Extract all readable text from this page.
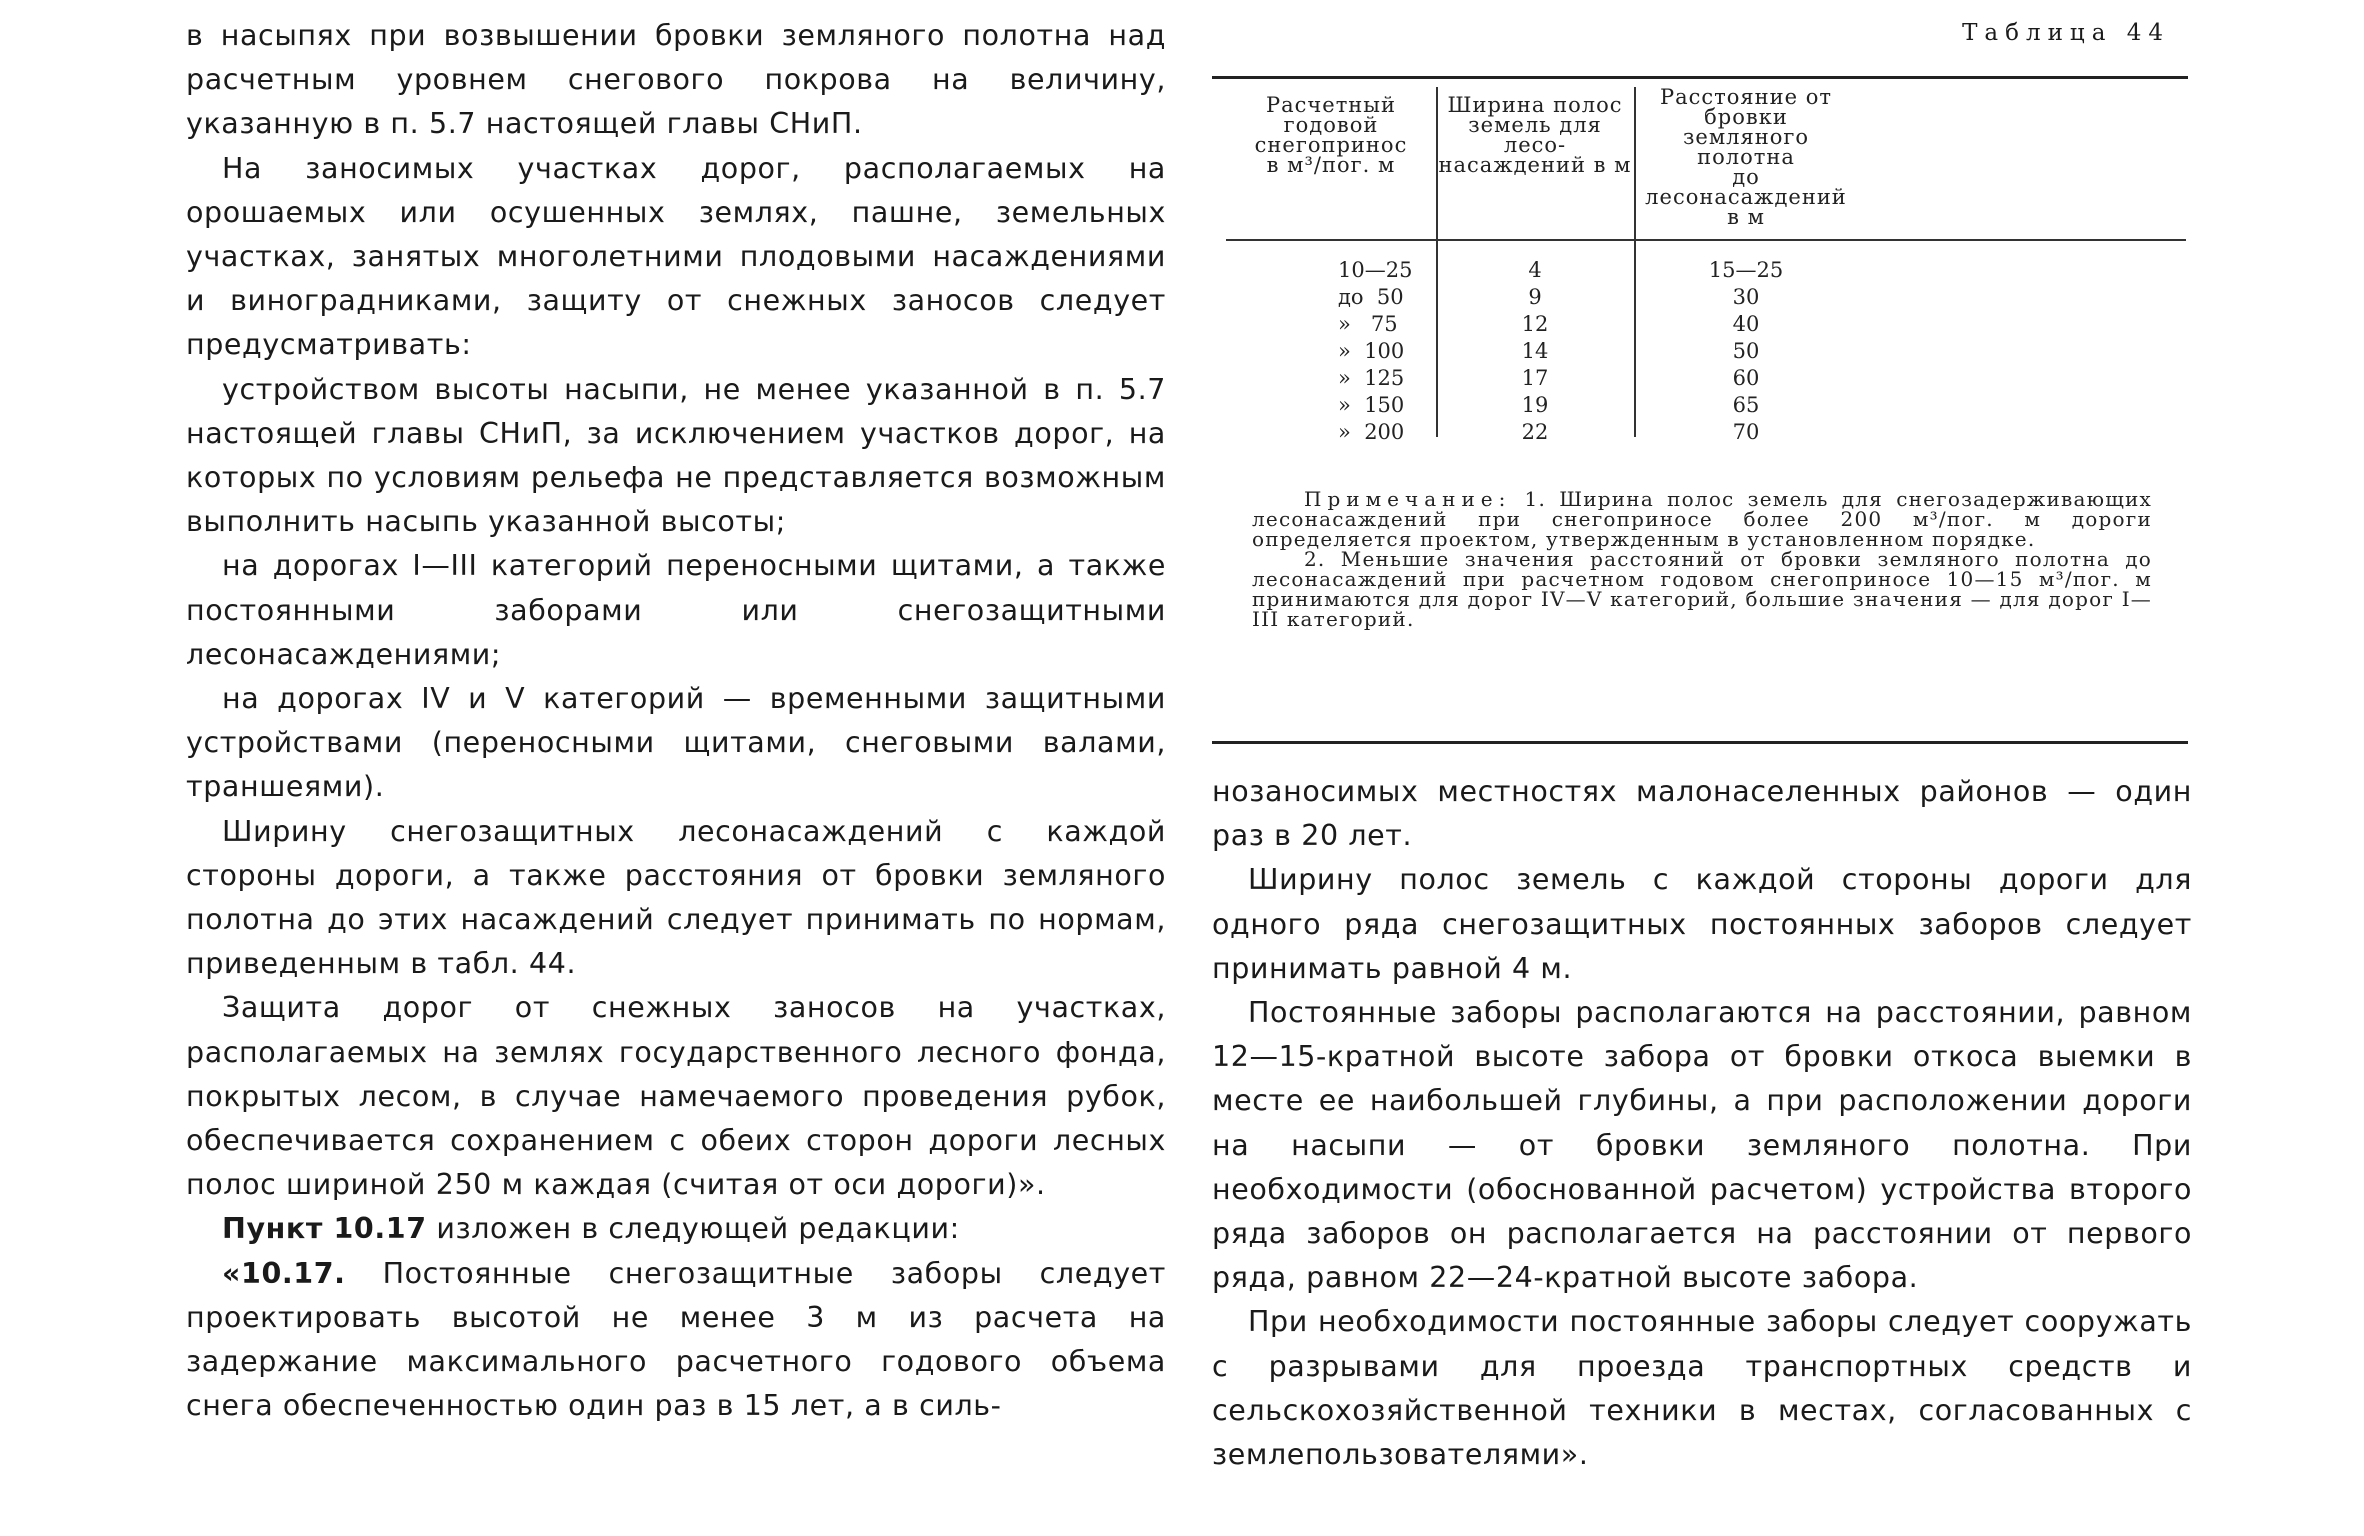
в насыпях при возвышении бровки земляного полотна над расчетным уровнем снегового покрова на величину, указанную в п. 5.7 настоящей главы СНиП.

На заносимых участках дорог, располагаемых на орошаемых или осушенных землях, пашне, земельных участках, занятых многолетними плодовыми насаждениями и виноградниками, защиту от снежных заносов следует предусматривать:

устройством высоты насыпи, не менее указанной в п. 5.7 настоящей главы СНиП, за исключением участков дорог, на которых по условиям рельефа не представляется возможным выполнить насыпь указанной высоты;

на дорогах I—III категорий переносными щитами, а также постоянными заборами или снегозащитными лесонасаждениями;

на дорогах IV и V категорий — временными защитными устройствами (переносными щитами, снеговыми валами, траншеями).

Ширину снегозащитных лесонасаждений с каждой стороны дороги, а также расстояния от бровки земляного полотна до этих насаждений следует принимать по нормам, приведенным в табл. 44.

Защита дорог от снежных заносов на участках, располагаемых на землях государственного лесного фонда, покрытых лесом, в случае намечаемого проведения рубок, обеспечивается сохранением с обеих сторон дороги лесных полос шириной 250 м каждая (считая от оси дороги)».

Пункт 10.17 изложен в следующей редакции:

«10.17. Постоянные снегозащитные заборы следует проектировать высотой не менее 3 м из расчета на задержание максимального расчетного годового объема снега обеспеченностью один раз в 15 лет, а в силь-

Таблица 44
Расчетный годовой
снегопринос
в м³/пог. м
Ширина полос
земель для лесо-
насаждений в м
Расстояние от бровки
земляного полотна
до лесонасаждений
в м
10—25
до  50
»   75
»  100
»  125
»  150
»  200
4
9
12
14
17
19
22
15—25
30
40
50
60
65
70

Примечание: 1. Ширина полос земель для снегозадерживающих лесонасаждений при снегоприносе более 200 м³/пог. м дороги определяется проектом, утвержденным в установленном порядке.

2. Меньшие значения расстояний от бровки земляного полотна до лесонасаждений при расчетном годовом снегоприносе 10—15 м³/пог. м принимаются для дорог IV—V категорий, большие значения — для дорог I—III категорий.

нозаносимых местностях малонаселенных районов — один раз в 20 лет.

Ширину полос земель с каждой стороны дороги для одного ряда снегозащитных постоянных заборов следует принимать равной 4 м.

Постоянные заборы располагаются на расстоянии, равном 12—15-кратной высоте забора от бровки откоса выемки в месте ее наибольшей глубины, а при расположении дороги на насыпи — от бровки земляного полотна. При необходимости (обоснованной расчетом) устройства второго ряда заборов он располагается на расстоянии от первого ряда, равном 22—24-кратной высоте забора.

При необходимости постоянные заборы следует сооружать с разрывами для проезда транспортных средств и сельскохозяйственной техники в местах, согласованных с землепользователями».
